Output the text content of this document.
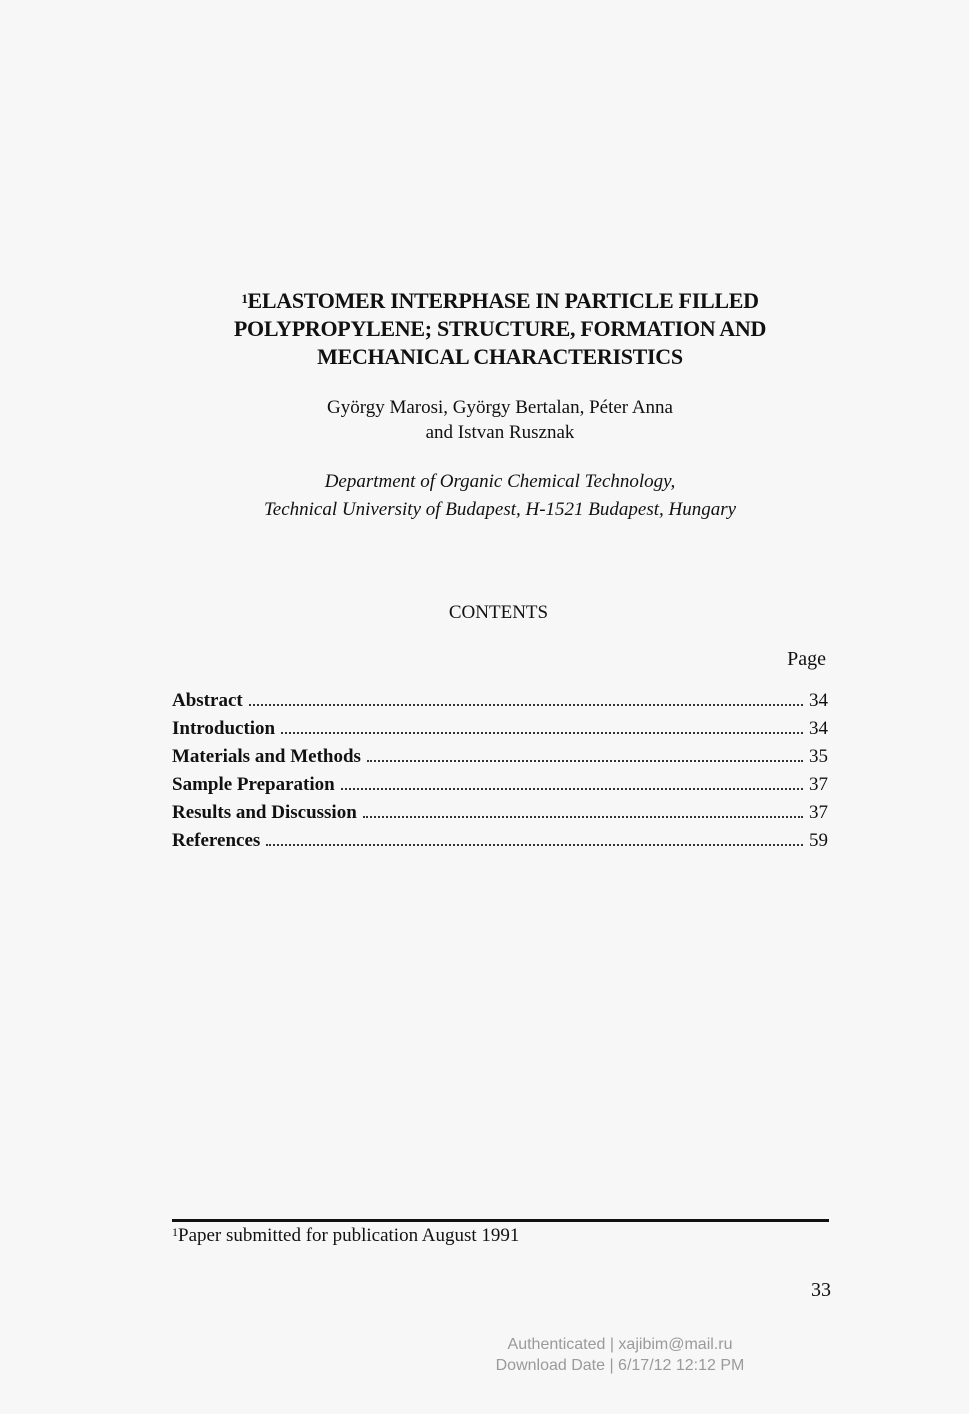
$^1$ELASTOMER INTERPHASE IN PARTICLE FILLED
POLYPROPYLENE; STRUCTURE, FORMATION AND
MECHANICAL CHARACTERISTICS
György Marosi, György Bertalan, Péter Anna
and Istvan Rusznak
Department of Organic Chemical Technology,
Technical University of Budapest, H-1521 Budapest, Hungary
CONTENTS
Page
Abstract	34
Introduction	34
Materials and Methods	35
Sample Preparation	37
Results and Discussion	37
References	59
$^1$Paper submitted for publication August 1991
33
Authenticated | xajibim@mail.ru
Download Date | 6/17/12 12:12 PM
